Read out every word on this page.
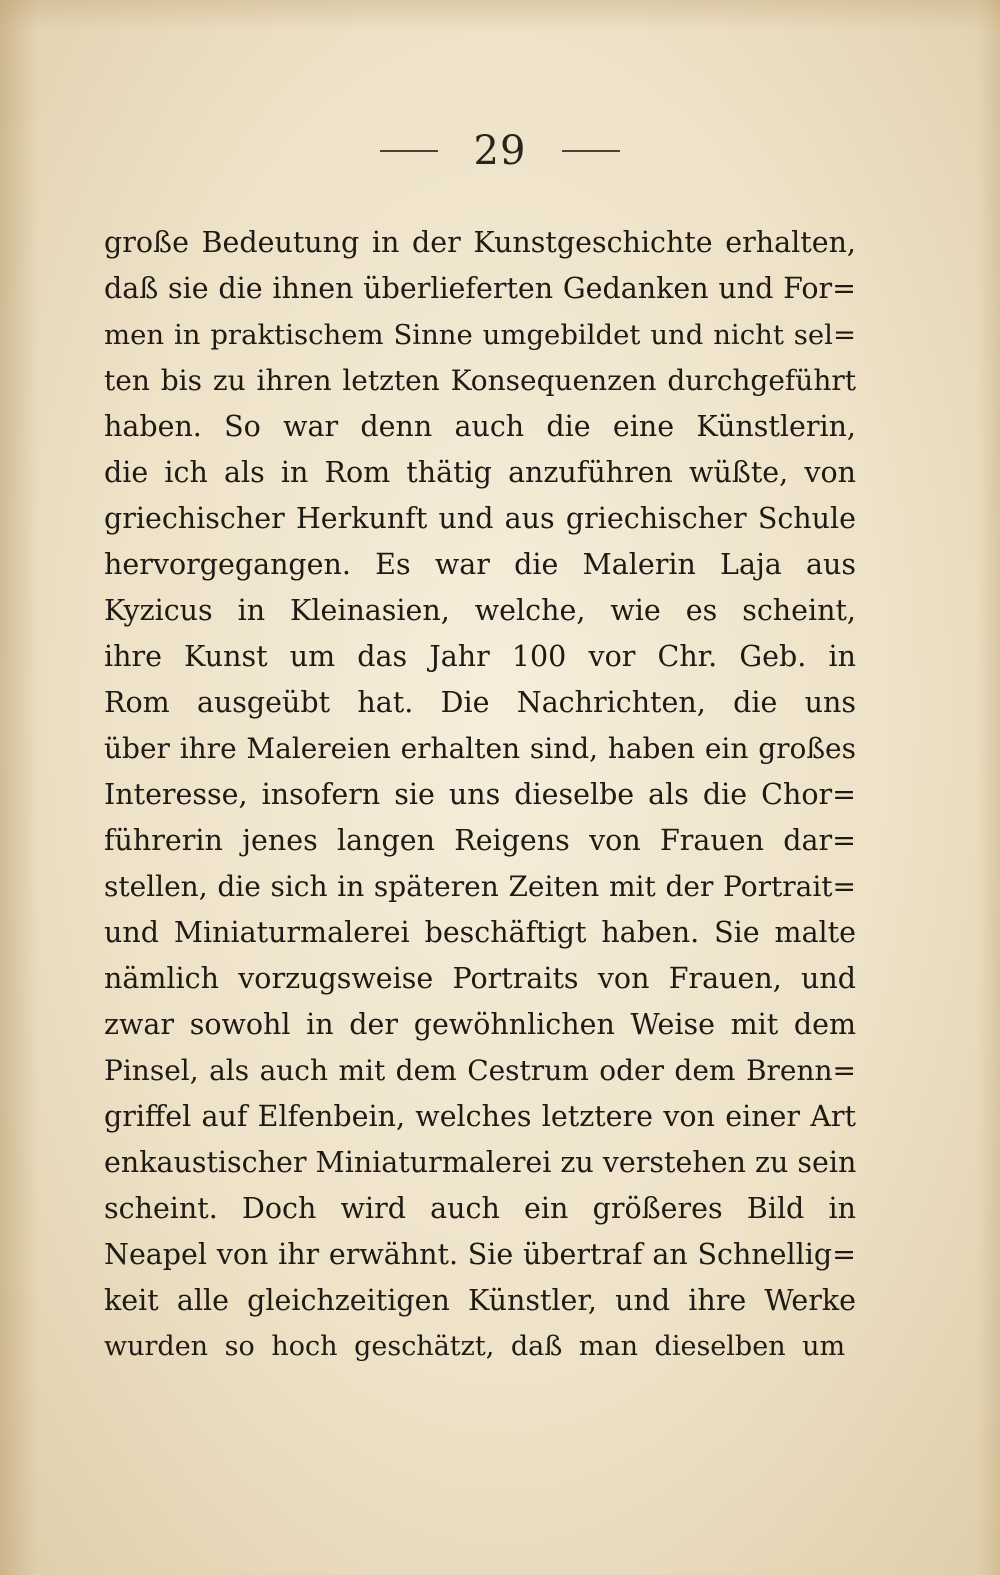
29
große Bedeutung in der Kunstgeschichte erhalten,
daß sie die ihnen überlieferten Gedanken und For=
men in praktischem Sinne umgebildet und nicht sel=
ten bis zu ihren letzten Konsequenzen durchgeführt
haben. So war denn auch die eine Künstlerin,
die ich als in Rom thätig anzuführen wüßte, von
griechischer Herkunft und aus griechischer Schule
hervorgegangen. Es war die Malerin Laja aus
Kyzicus in Kleinasien, welche, wie es scheint,
ihre Kunst um das Jahr 100 vor Chr. Geb. in
Rom ausgeübt hat. Die Nachrichten, die uns
über ihre Malereien erhalten sind, haben ein großes
Interesse, insofern sie uns dieselbe als die Chor=
führerin jenes langen Reigens von Frauen dar=
stellen, die sich in späteren Zeiten mit der Portrait=
und Miniaturmalerei beschäftigt haben. Sie malte
nämlich vorzugsweise Portraits von Frauen, und
zwar sowohl in der gewöhnlichen Weise mit dem
Pinsel, als auch mit dem Cestrum oder dem Brenn=
griffel auf Elfenbein, welches letztere von einer Art
enkaustischer Miniaturmalerei zu verstehen zu sein
scheint. Doch wird auch ein größeres Bild in
Neapel von ihr erwähnt. Sie übertraf an Schnellig=
keit alle gleichzeitigen Künstler, und ihre Werke
wurden so hoch geschätzt, daß man dieselben um
